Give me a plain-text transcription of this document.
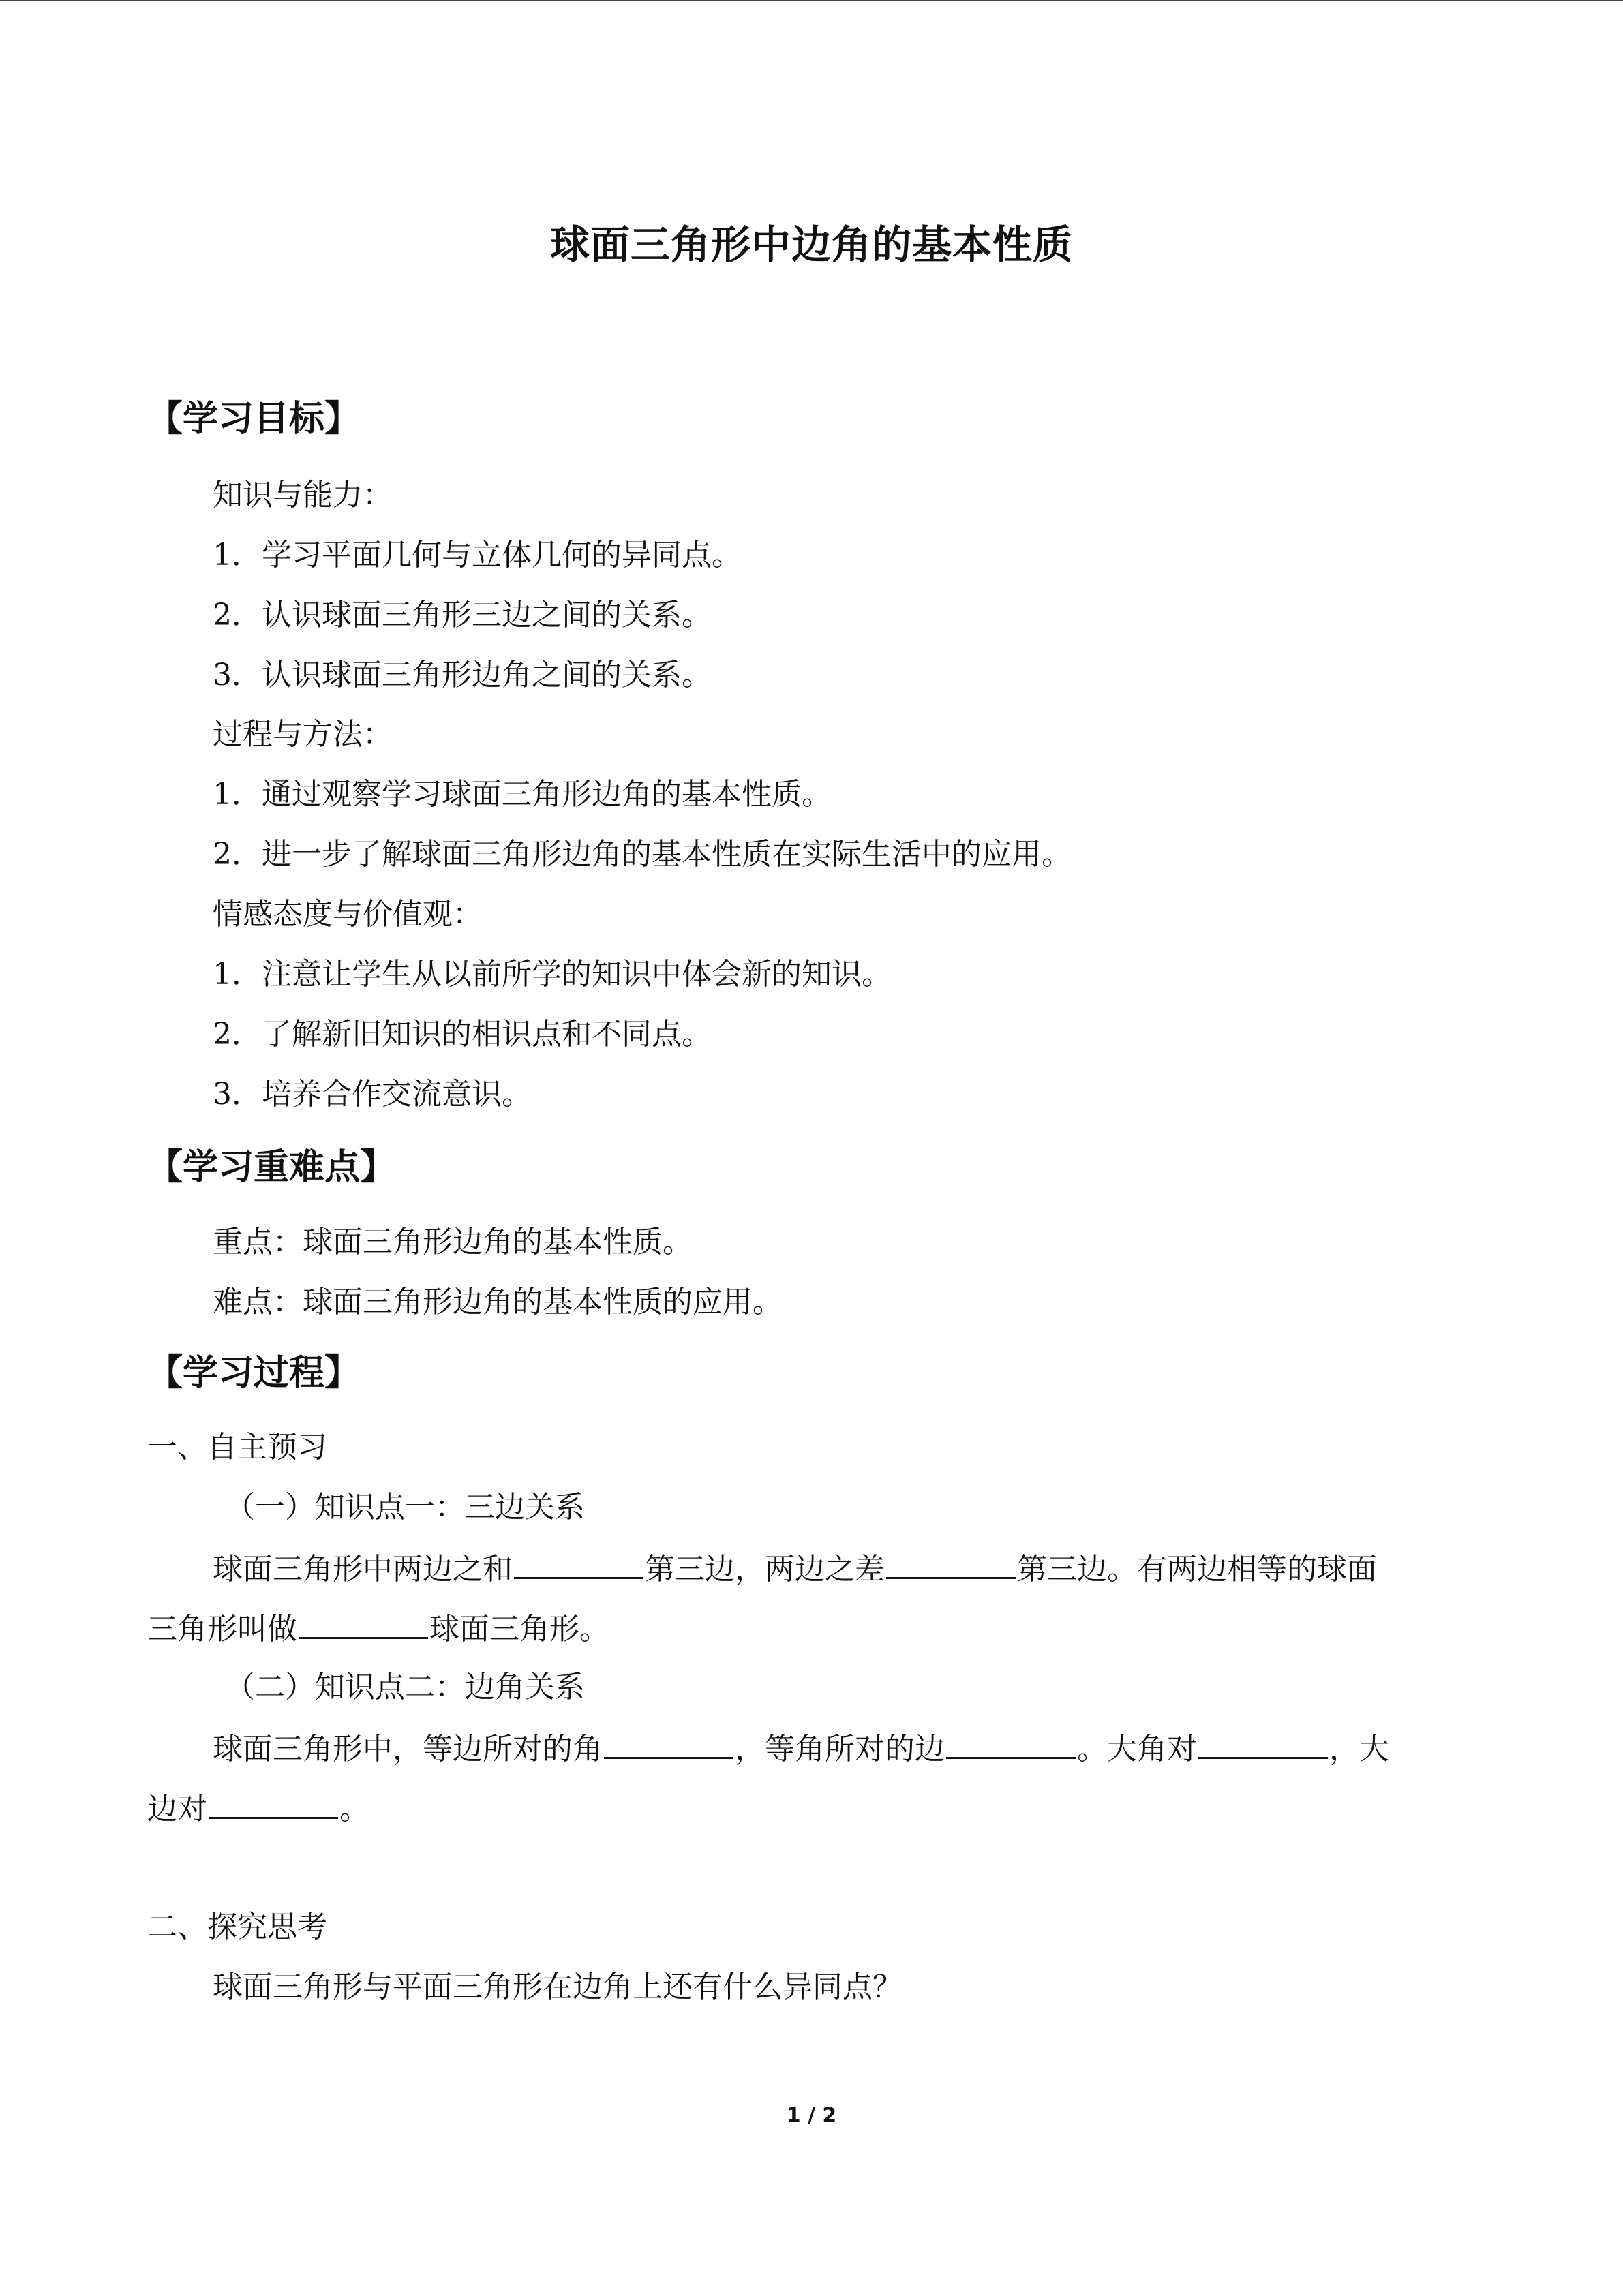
球面三角形中边角的基本性质
【学习目标】
知识与能力：
1．学习平面几何与立体几何的异同点。
2．认识球面三角形三边之间的关系。
3．认识球面三角形边角之间的关系。
过程与方法：
1．通过观察学习球面三角形边角的基本性质。
2．进一步了解球面三角形边角的基本性质在实际生活中的应用。
情感态度与价值观：
1．注意让学生从以前所学的知识中体会新的知识。
2．了解新旧知识的相识点和不同点。
3．培养合作交流意识。
【学习重难点】
重点：球面三角形边角的基本性质。
难点：球面三角形边角的基本性质的应用。
【学习过程】
一、自主预习
（一）知识点一：三边关系
球面三角形中两边之和	第三边，两边之差	第三边。有两边相等的球面
三角形叫做	球面三角形。
（二）知识点二：边角关系
球面三角形中，等边所对的角	，等角所对的边	。大角对	，大
边对	。
二、探究思考
球面三角形与平面三角形在边角上还有什么异同点？
1 / 2
